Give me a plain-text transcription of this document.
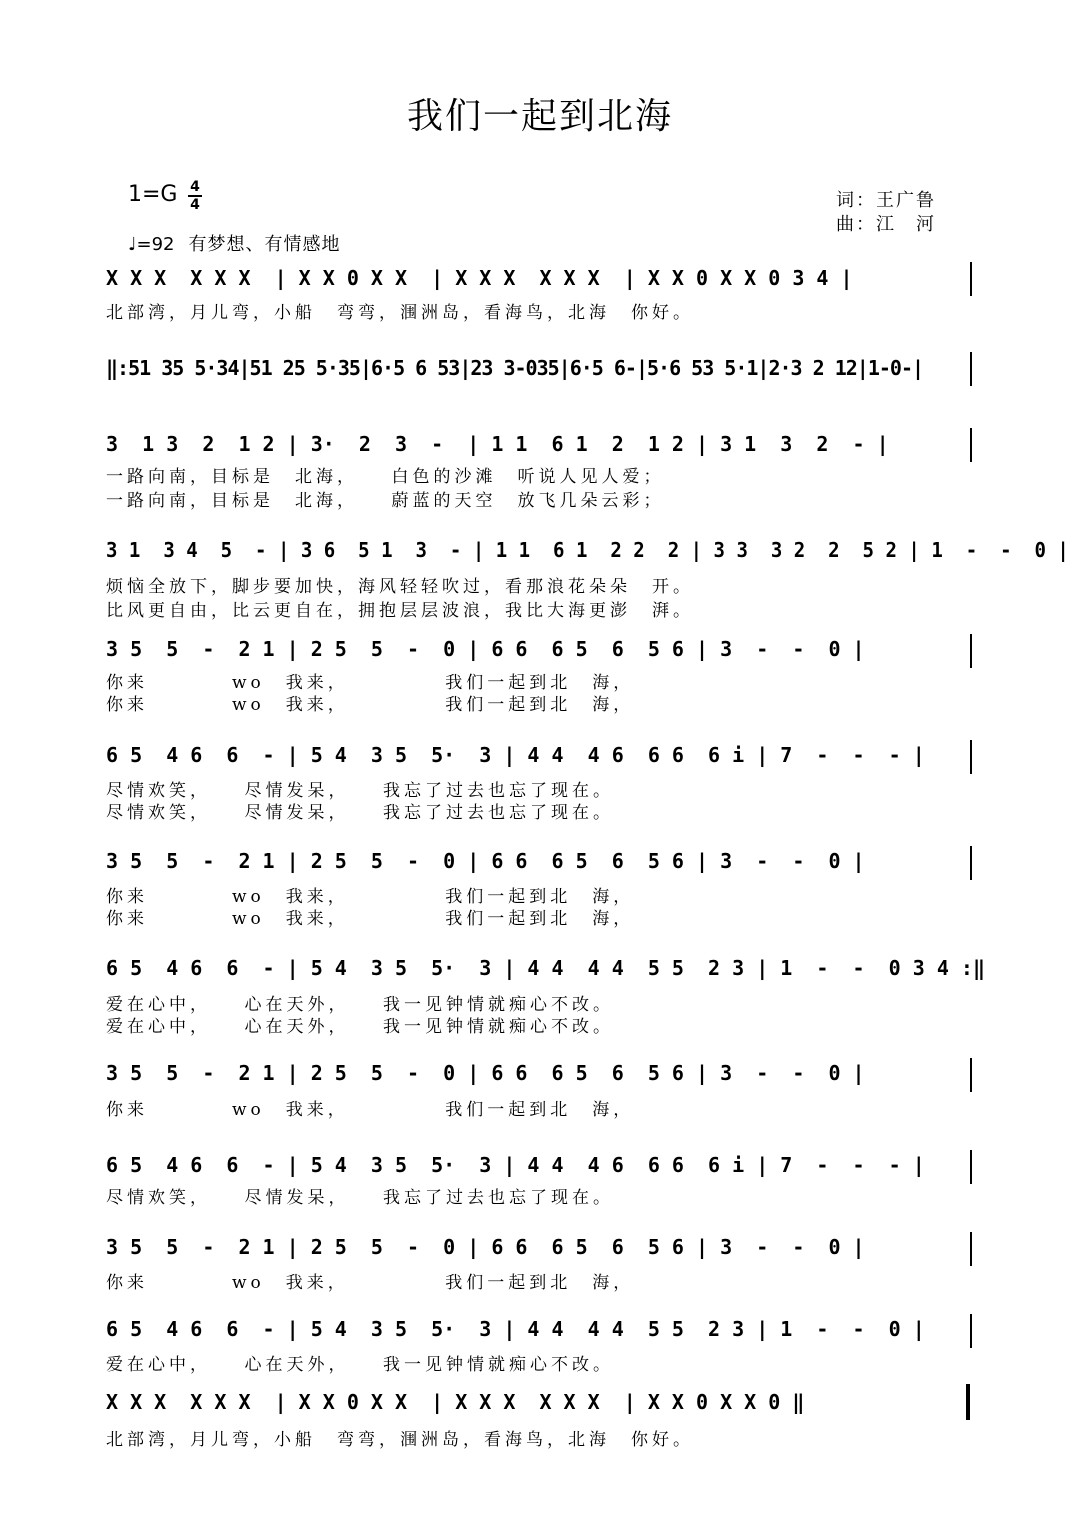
我们一起到北海
1=G 4
4	词：王广鲁
曲：江　河
♩=92 有梦想、有情感地
X X X  X X X  | X X 0 X X  | X X X  X X X  | X X 0 X X 0 3 4 |
北部湾，月儿弯，小船　弯弯，涠洲岛，看海鸟，北海　你好。
‖:51 35 5·34|51 25 5·35|6·5 6 53|23 3-035|6·5 6-|5·6 53 5·1|2·3 2 12|1-0-|
3  1 3  2  1 2 | 3·  2  3  -  | 1 1  6 1  2  1 2 | 3 1  3  2  - |
一路向南，目标是　北海，　　白色的沙滩　听说人见人爱；
一路向南，目标是　北海，　　蔚蓝的天空　放飞几朵云彩；
3 1  3 4  5  - | 3 6  5 1  3  - | 1 1  6 1  2 2  2 | 3 3  3 2  2  5 2 | 1  -  -  0 |
烦恼全放下，脚步要加快，海风轻轻吹过，看那浪花朵朵　开。
比风更自由，比云更自在，拥抱层层波浪，我比大海更澎　湃。
3 5  5  -  2 1 | 2 5  5  -  0 | 6 6  6 5  6  5 6 | 3  -  -  0 |
你来　　　　wo　我来，　　　　　我们一起到北　海，
你来　　　　wo　我来，　　　　　我们一起到北　海，
6 5  4 6  6  - | 5 4  3 5  5·  3 | 4 4  4 6  6 6  6 i | 7  -  -  - |
尽情欢笑，　　尽情发呆，　　我忘了过去也忘了现在。
尽情欢笑，　　尽情发呆，　　我忘了过去也忘了现在。
3 5  5  -  2 1 | 2 5  5  -  0 | 6 6  6 5  6  5 6 | 3  -  -  0 |
你来　　　　wo　我来，　　　　　我们一起到北　海，
你来　　　　wo　我来，　　　　　我们一起到北　海，
6 5  4 6  6  - | 5 4  3 5  5·  3 | 4 4  4 4  5 5  2 3 | 1  -  -  0 3 4 :‖
爱在心中，　　心在天外，　　我一见钟情就痴心不改。
爱在心中，　　心在天外，　　我一见钟情就痴心不改。
3 5  5  -  2 1 | 2 5  5  -  0 | 6 6  6 5  6  5 6 | 3  -  -  0 |
你来　　　　wo　我来，　　　　　我们一起到北　海，
6 5  4 6  6  - | 5 4  3 5  5·  3 | 4 4  4 6  6 6  6 i | 7  -  -  - |
尽情欢笑，　　尽情发呆，　　我忘了过去也忘了现在。
3 5  5  -  2 1 | 2 5  5  -  0 | 6 6  6 5  6  5 6 | 3  -  -  0 |
你来　　　　wo　我来，　　　　　我们一起到北　海，
6 5  4 6  6  - | 5 4  3 5  5·  3 | 4 4  4 4  5 5  2 3 | 1  -  -  0 |
爱在心中，　　心在天外，　　我一见钟情就痴心不改。
X X X  X X X  | X X 0 X X  | X X X  X X X  | X X 0 X X 0 ‖
北部湾，月儿弯，小船　弯弯，涠洲岛，看海鸟，北海　你好。
